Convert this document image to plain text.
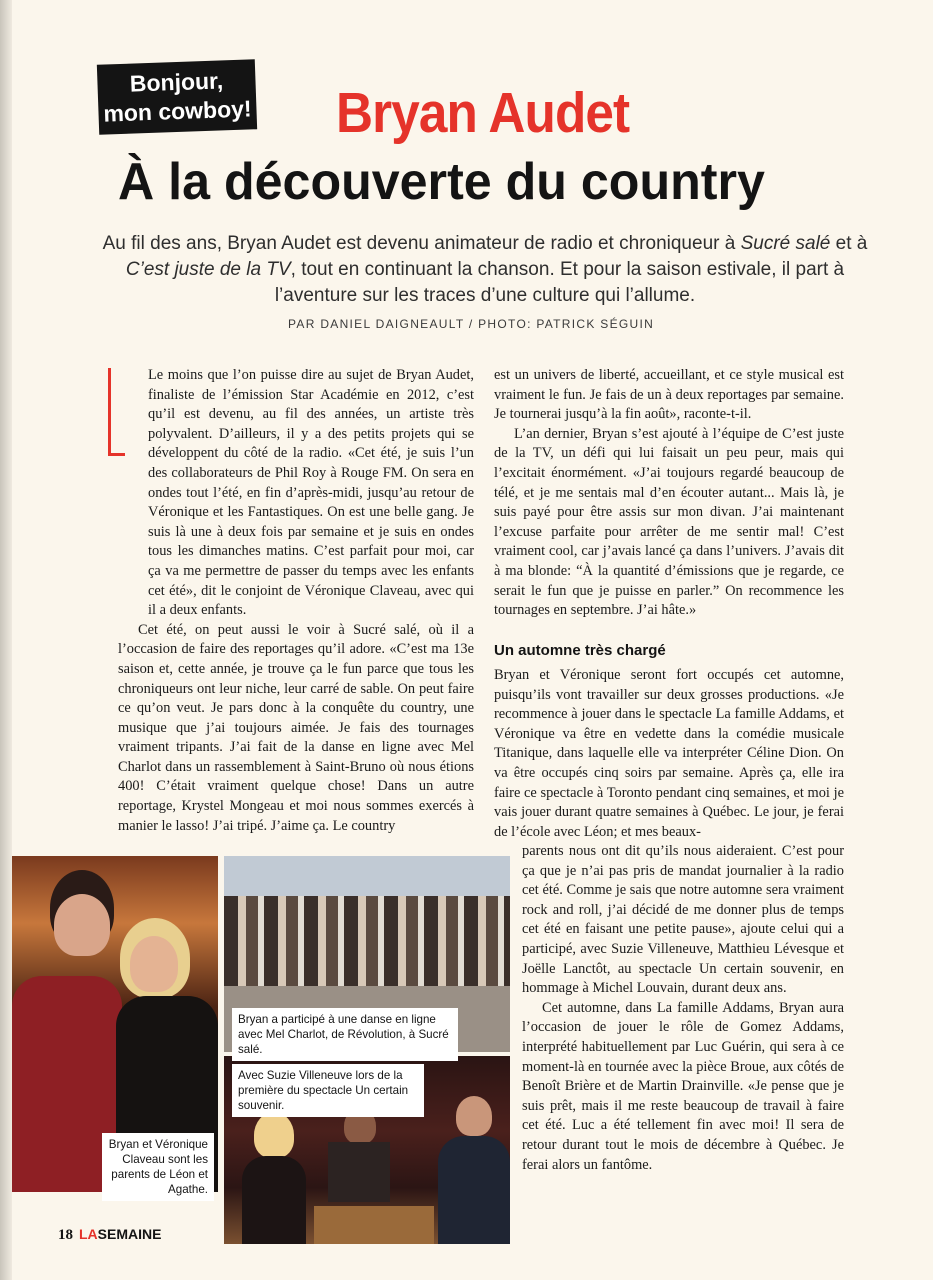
Bonjour,
mon cowboy! Bryan Audet
À la découverte du country
Au fil des ans, Bryan Audet est devenu animateur de radio et chroniqueur à Sucré salé et à C’est juste de la TV, tout en continuant la chanson. Et pour la saison estivale, il part à l’aventure sur les traces d’une culture qui l’allume.
PAR DANIEL DAIGNEAULT / PHOTO: PATRICK SÉGUIN

Le moins que l’on puisse dire au sujet de Bryan Audet, finaliste de l’émission Star Académie en 2012, c’est qu’il est devenu, au fil des années, un artiste très polyvalent. D’ailleurs, il y a des petits projets qui se développent du côté de la radio. «Cet été, je suis l’un des collaborateurs de Phil Roy à Rouge FM. On sera en ondes tout l’été, en fin d’après-midi, jusqu’au retour de Véronique et les Fantastiques. On est une belle gang. Je suis là une à deux fois par semaine et je suis en ondes tous les dimanches matins. C’est parfait pour moi, car ça va me permettre de passer du temps avec les enfants cet été», dit le conjoint de Véronique Claveau, avec qui il a deux enfants.

Cet été, on peut aussi le voir à Sucré salé, où il a l’occasion de faire des reportages qu’il adore. «C’est ma 13e saison et, cette année, je trouve ça le fun parce que tous les chroniqueurs ont leur niche, leur carré de sable. On peut faire ce qu’on veut. Je pars donc à la conquête du country, une musique que j’ai toujours aimée. Je fais des tournages vraiment tripants. J’ai fait de la danse en ligne avec Mel Charlot dans un rassemblement à Saint-Bruno où nous étions 400! C’était vraiment quelque chose! Dans un autre reportage, Krystel Mongeau et moi nous sommes exercés à manier le lasso! J’ai tripé. J’aime ça. Le country

est un univers de liberté, accueillant, et ce style musical est vraiment le fun. Je fais de un à deux reportages par semaine. Je tournerai jusqu’à la fin août», raconte-t-il.

L’an dernier, Bryan s’est ajouté à l’équipe de C’est juste de la TV, un défi qui lui faisait un peu peur, mais qui l’excitait énormément. «J’ai toujours regardé beaucoup de télé, et je me sentais mal d’en écouter autant... Mais là, je suis payé pour être assis sur mon divan. J’ai maintenant l’excuse parfaite pour arrêter de me sentir mal! C’est vraiment cool, car j’avais lancé ça dans l’univers. J’avais dit à ma blonde: “À la quantité d’émissions que je regarde, ce serait le fun que je puisse en parler.” On recommence les tournages en septembre. J’ai hâte.»

Un automne très chargé

Bryan et Véronique seront fort occupés cet automne, puisqu’ils vont travailler sur deux grosses productions. «Je recommence à jouer dans le spectacle La famille Addams, et Véronique va être en vedette dans la comédie musicale Titanique, dans laquelle elle va interpréter Céline Dion. On va être occupés cinq soirs par semaine. Après ça, elle ira faire ce spectacle à Toronto pendant cinq semaines, et moi je vais jouer durant quatre semaines à Québec. Le jour, je ferai de l’école avec Léon; et mes beaux-

parents nous ont dit qu’ils nous aideraient. C’est pour ça que je n’ai pas pris de mandat journalier à la radio cet été. Comme je sais que notre automne sera vraiment rock and roll, j’ai décidé de me donner plus de temps cet été en faisant une petite pause», ajoute celui qui a participé, avec Suzie Villeneuve, Matthieu Lévesque et Joëlle Lanctôt, au spectacle Un certain souvenir, en hommage à Michel Louvain, durant deux ans.

Cet automne, dans La famille Addams, Bryan aura l’occasion de jouer le rôle de Gomez Addams, interprété habituellement par Luc Guérin, qui sera à ce moment-là en tournée avec la pièce Broue, aux côtés de Benoît Brière et de Martin Drainville. «Je pense que je suis prêt, mais il me reste beaucoup de travail à faire cet été. Luc a été tellement fin avec moi! Il sera de retour durant tout le mois de décembre à Québec. Je ferai alors un fantôme.

Bryan et Véronique Claveau sont les parents de Léon et Agathe.
Bryan a participé à une danse en ligne avec Mel Charlot, de Révolution, à Sucré salé.
Avec Suzie Villeneuve lors de la première du spectacle Un certain souvenir.
18 LASEMAINE
